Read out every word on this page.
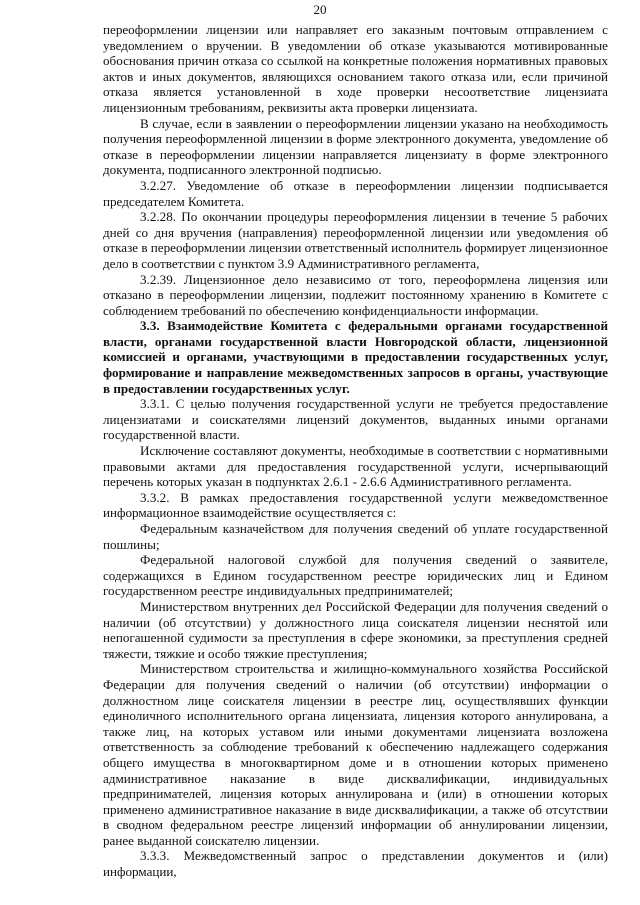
20

переоформлении лицензии или направляет его заказным почтовым отправлением с уведомлением о вручении. В уведомлении об отказе указываются мотивированные обоснования причин отказа со ссылкой на конкретные положения нормативных правовых актов и иных документов, являющихся основанием такого отказа или, если причиной отказа является установленной в ходе проверки несоответствие лицензиата лицензионным требованиям, реквизиты акта проверки лицензиата.

В случае, если в заявлении о переоформлении лицензии указано на необходимость получения переоформленной лицензии в форме электронного документа, уведомление об отказе в переоформлении лицензии направляется лицензиату в форме электронного документа, подписанного электронной подписью.

3.2.27. Уведомление об отказе в переоформлении лицензии подписывается председателем Комитета.

3.2.28. По окончании процедуры переоформления лицензии в течение 5 рабочих дней со дня вручения (направления) переоформленной лицензии или уведомления об отказе в переоформлении лицензии ответственный исполнитель формирует лицензионное дело в соответствии с пунктом 3.9 Административного регламента,

3.2.39. Лицензионное дело независимо от того, переоформлена лицензия или отказано в переоформлении лицензии, подлежит постоянному хранению в Комитете с соблюдением требований по обеспечению конфиденциальности информации.

3.3. Взаимодействие Комитета с федеральными органами государственной власти, органами государственной власти Новгородской области, лицензионной комиссией и органами, участвующими в предоставлении государственных услуг, формирование и направление межведомственных запросов в органы, участвующие в предоставлении государственных услуг.

3.3.1. С целью получения государственной услуги не требуется предоставление лицензиатами и соискателями лицензий документов, выданных иными органами государственной власти.

Исключение составляют документы, необходимые в соответствии с нормативными правовыми актами для предоставления государственной услуги, исчерпывающий перечень которых указан в подпунктах 2.6.1 - 2.6.6 Административного регламента.

3.3.2. В рамках предоставления государственной услуги межведомственное информационное взаимодействие осуществляется с:

Федеральным казначейством для получения сведений об уплате государственной пошлины;

Федеральной налоговой службой для получения сведений о заявителе, содержащихся в Едином государственном реестре юридических лиц и Едином государственном реестре индивидуальных предпринимателей;

Министерством внутренних дел Российской Федерации для получения сведений о наличии (об отсутствии) у должностного лица соискателя лицензии неснятой или непогашенной судимости за преступления в сфере экономики, за преступления средней тяжести, тяжкие и особо тяжкие преступления;

Министерством строительства и жилищно-коммунального хозяйства Российской Федерации для получения сведений о наличии (об отсутствии) информации о должностном лице соискателя лицензии в реестре лиц, осуществлявших функции единоличного исполнительного органа лицензиата, лицензия которого аннулирована, а также лиц, на которых уставом или иными документами лицензиата возложена ответственность за соблюдение требований к обеспечению надлежащего содержания общего имущества в многоквартирном доме и в отношении которых применено административное наказание в виде дисквалификации, индивидуальных предпринимателей, лицензия которых аннулирована и (или) в отношении которых применено административное наказание в виде дисквалификации, а также об отсутствии в сводном федеральном реестре лицензий информации об аннулировании лицензии, ранее выданной соискателю лицензии.

3.3.3. Межведомственный запрос о представлении документов и (или) информации,
